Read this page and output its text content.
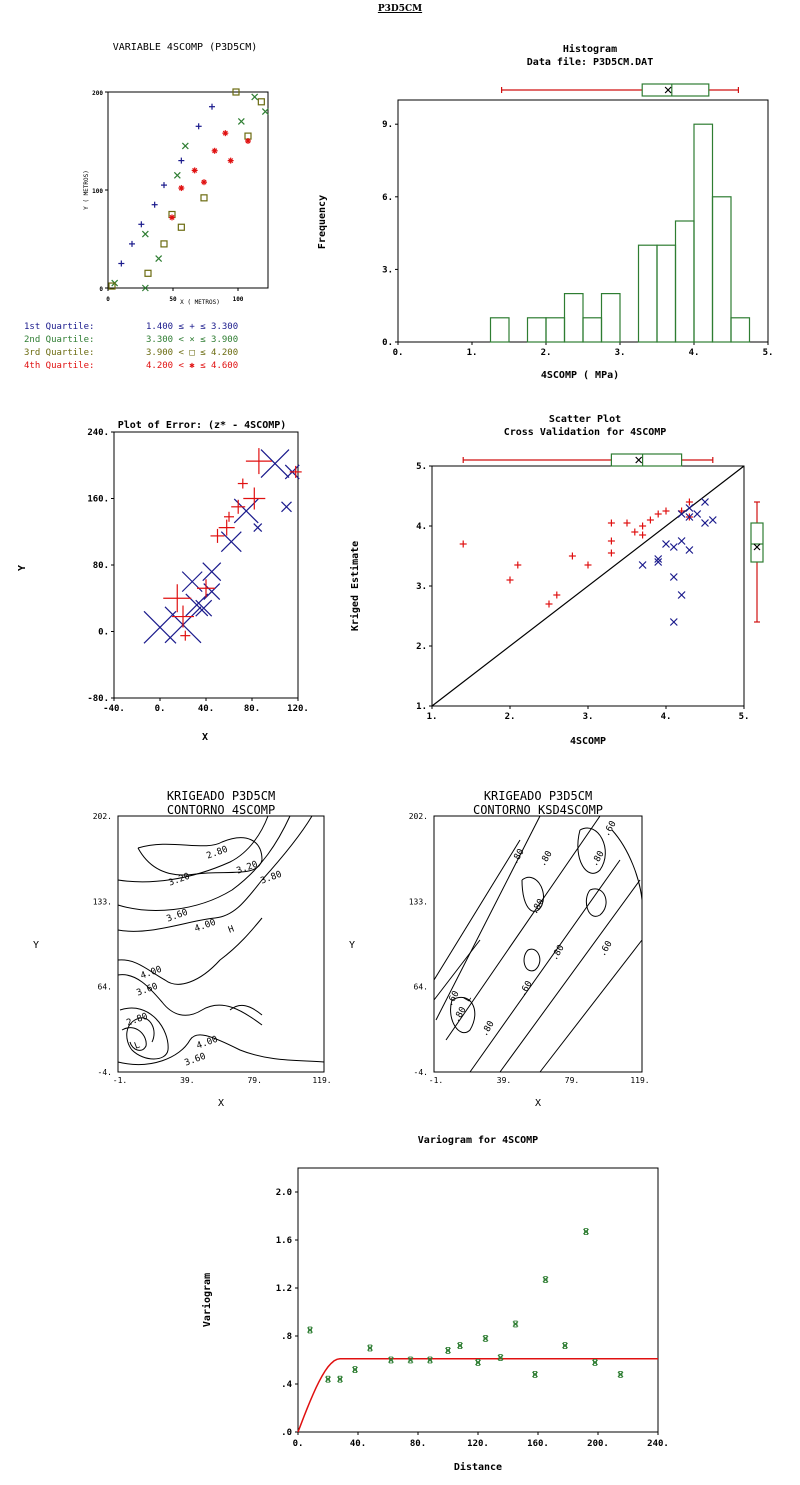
P3D5CM
VARIABLE 4SCOMP (P3D5CM)
0	50	100
0
100
200
X ( METROS)
Y ( METROS)
Histogram
Data file: P3D5CM.DAT
0.	1.	2.	3.	4.	5.
0.
3.
6.
9.
4SCOMP ( MPa)
Frequency
Plot of Error: (z* - 4SCOMP)
-40.	0.	40.	80.	120.
-80.
0.
80.
160.
240.
X
Y
Scatter Plot
Cross Validation for 4SCOMP
1.	2.	3.	4.	5.
1.
2.
3.
4.
5.
4SCOMP
Kriged Estimate
KRIGEADO P3D5CM
CONTORNO 4SCOMP
-1.	39.	79.	119.
-4.
64.
133.
202.
X
Y
2.80
3.20
3.20
3.60
3.80
4.00
4.00
3.60
2.80
4.00
3.60
H
L
KRIGEADO P3D5CM
CONTORNO KSD4SCOMP
-1.	39.	79.	119.
-4.
64.
133.
202.
X
Y
.80
.80
.60
.80
.60
.80
.80
.80
.60
.80
.60
L
Variogram for 4SCOMP
0.	40.	80.	120.	160.	200.	240.
.0
.4
.8
1.2
1.6
2.0
Distance
Variogram
1st Quartile:	1.400 ≤ + ≤ 3.300
2nd Quartile:	3.300 < × ≤ 3.900
3rd Quartile:	3.900 < □ ≤ 4.200
4th Quartile:	4.200 < ✱ ≤ 4.600
